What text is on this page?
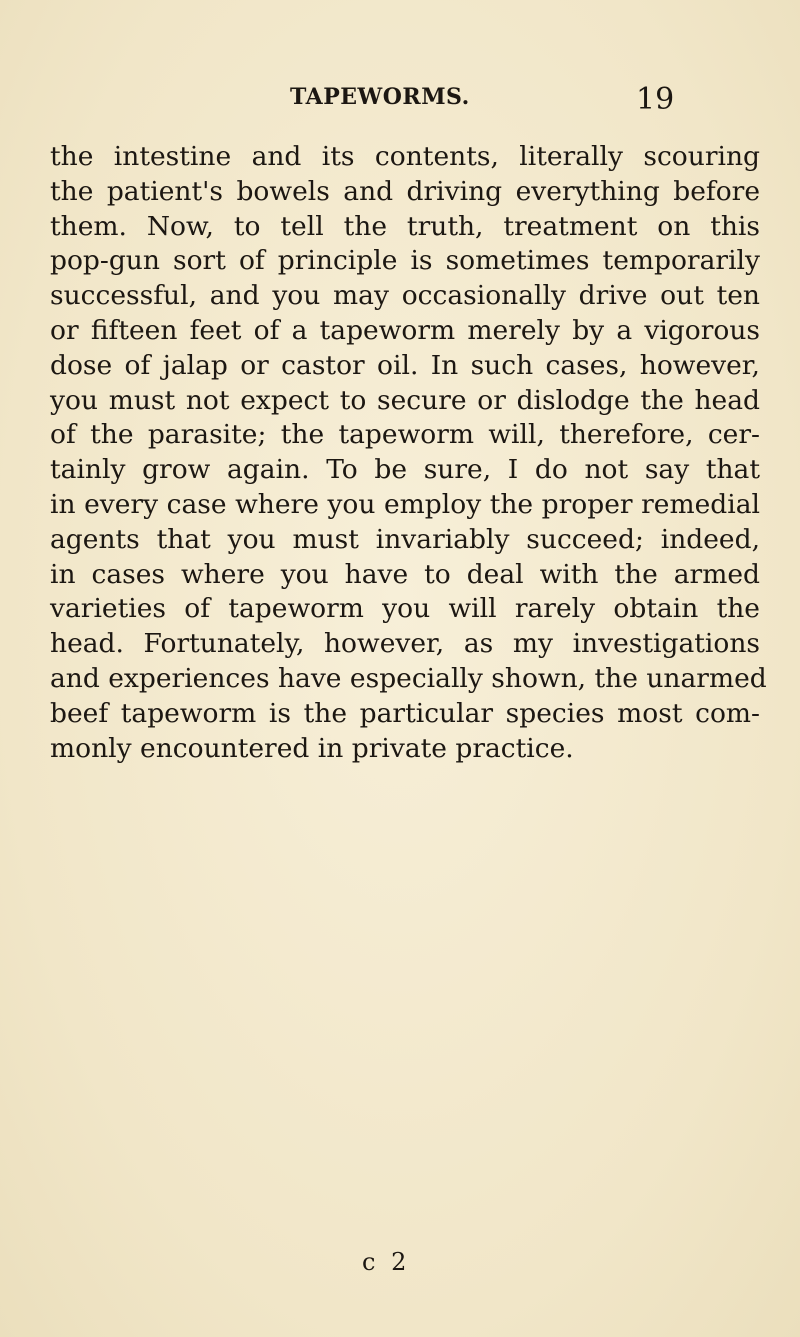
TAPEWORMS.	19
the intestine and its contents, literally scouring
the patient's bowels and driving everything before
them. Now, to tell the truth, treatment on this
pop-gun sort of principle is sometimes temporarily
successful, and you may occasionally drive out ten
or fifteen feet of a tapeworm merely by a vigorous
dose of jalap or castor oil. In such cases, however,
you must not expect to secure or dislodge the head
of the parasite; the tapeworm will, therefore, cer-
tainly grow again. To be sure, I do not say that
in every case where you employ the proper remedial
agents that you must invariably succeed; indeed,
in cases where you have to deal with the armed
varieties of tapeworm you will rarely obtain the
head. Fortunately, however, as my investigations
and experiences have especially shown, the unarmed
beef tapeworm is the particular species most com-
monly encountered in private practice.
c 2
